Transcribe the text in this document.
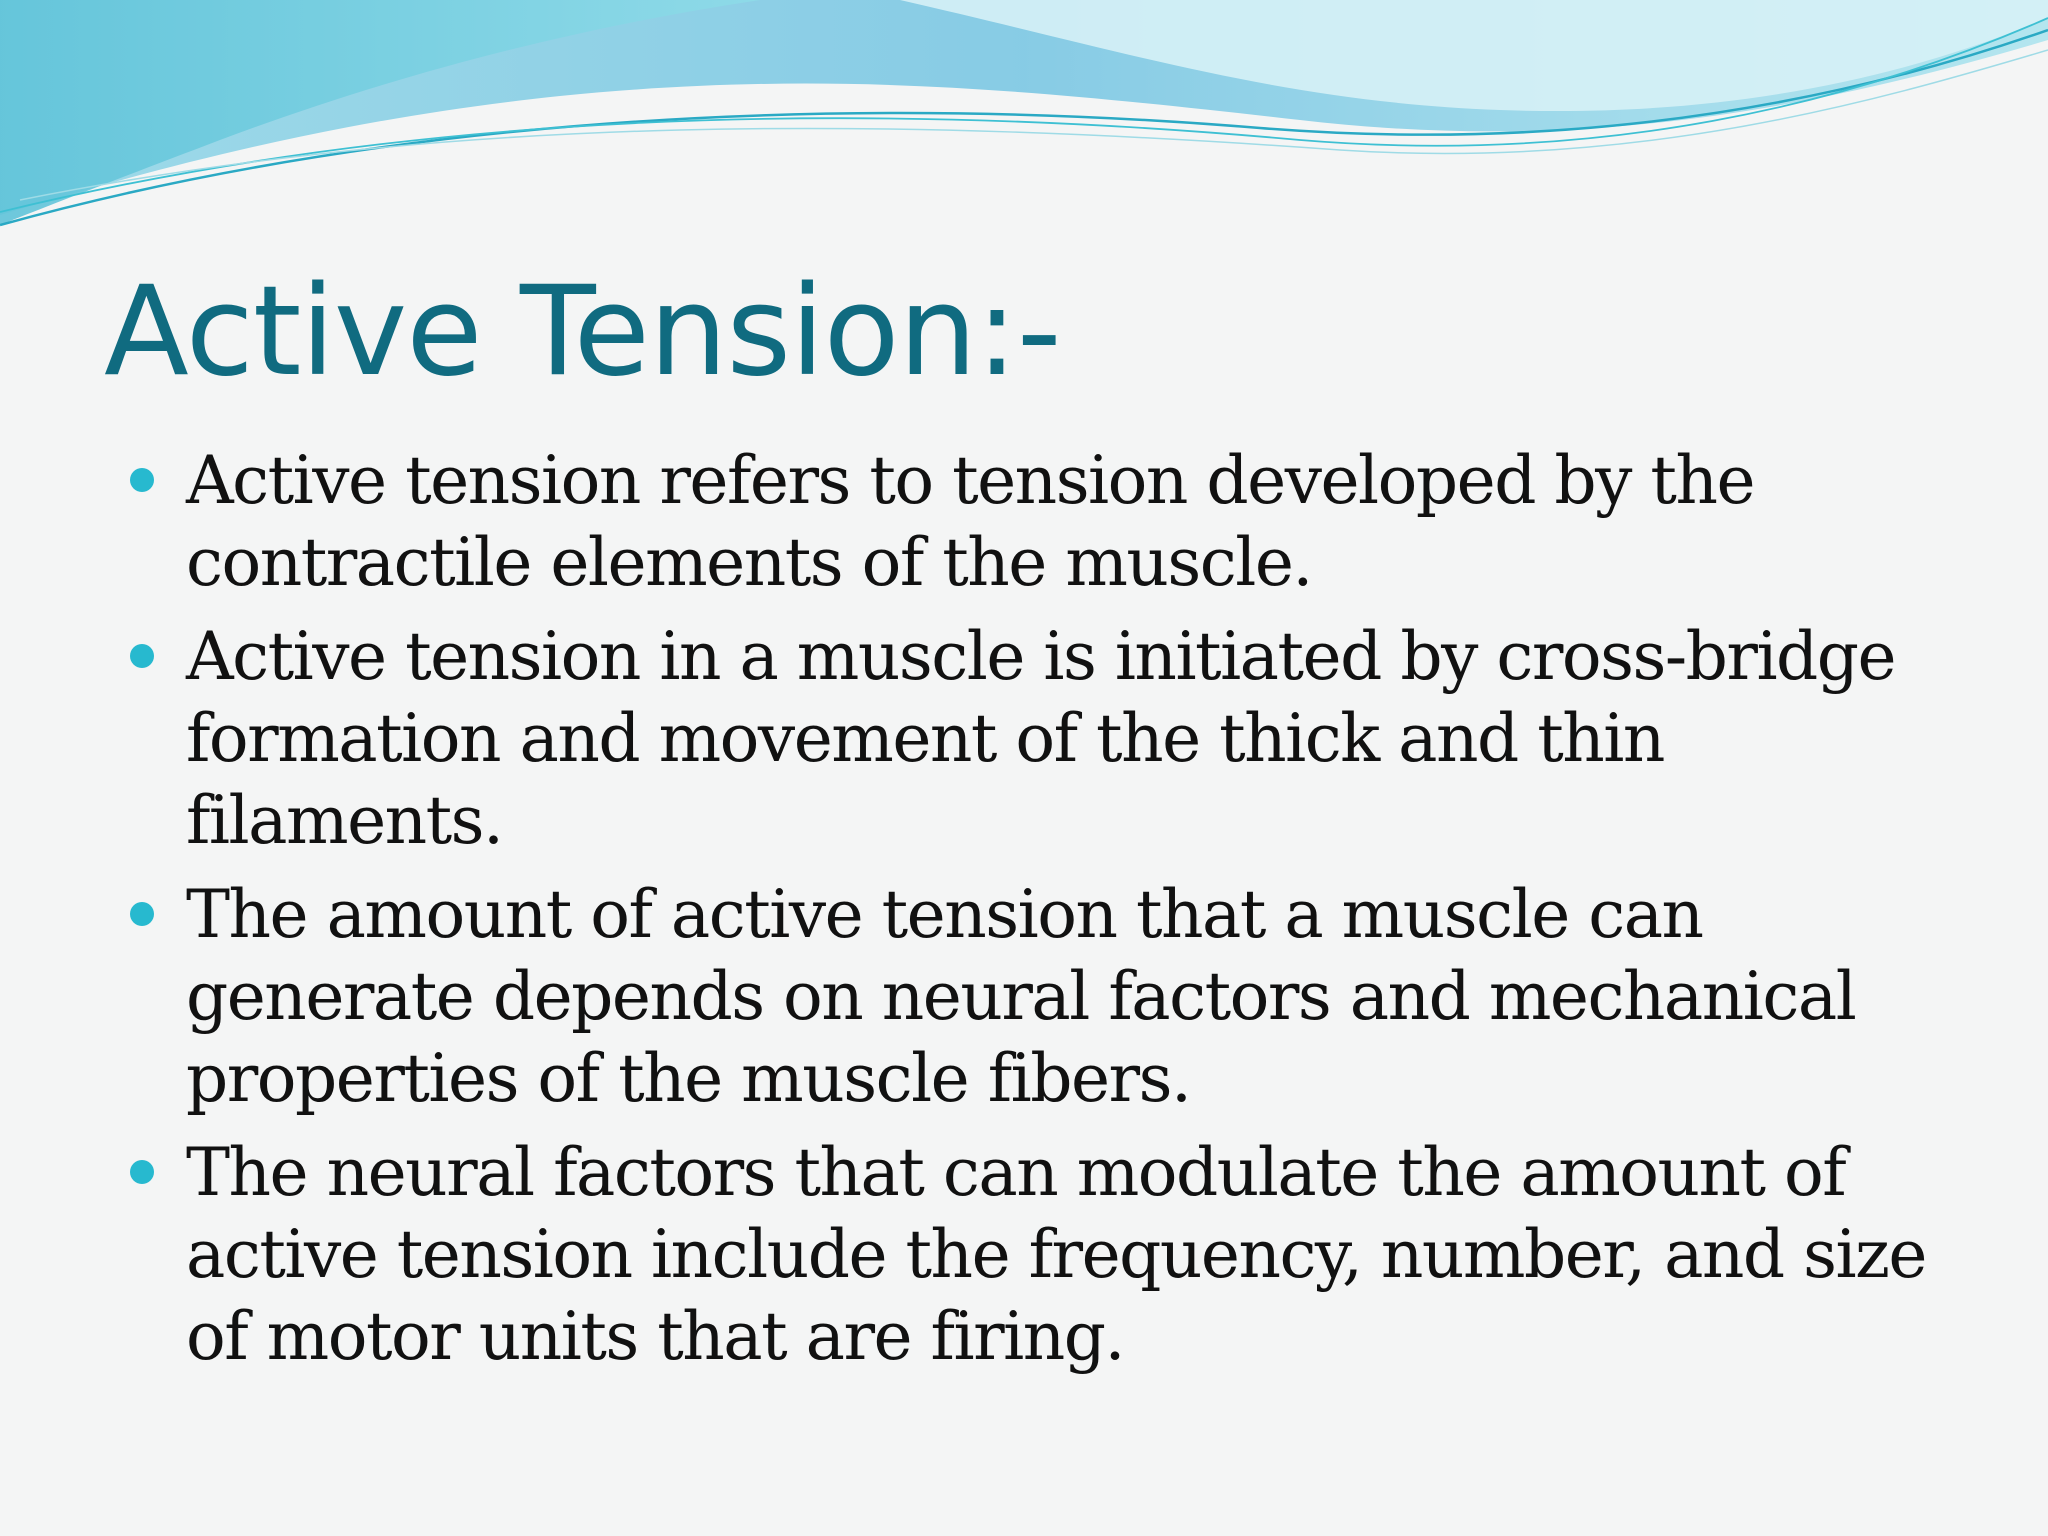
Active Tension:-
Active tension refers to tension developed by the contractile elements of the muscle.
Active tension in a muscle is initiated by cross-bridge formation and movement of the thick and thin filaments.
The amount of active tension that a muscle can generate depends on neural factors and mechanical properties of the muscle fibers.
The neural factors that can modulate the amount of active tension include the frequency, number, and size of motor units that are firing.
